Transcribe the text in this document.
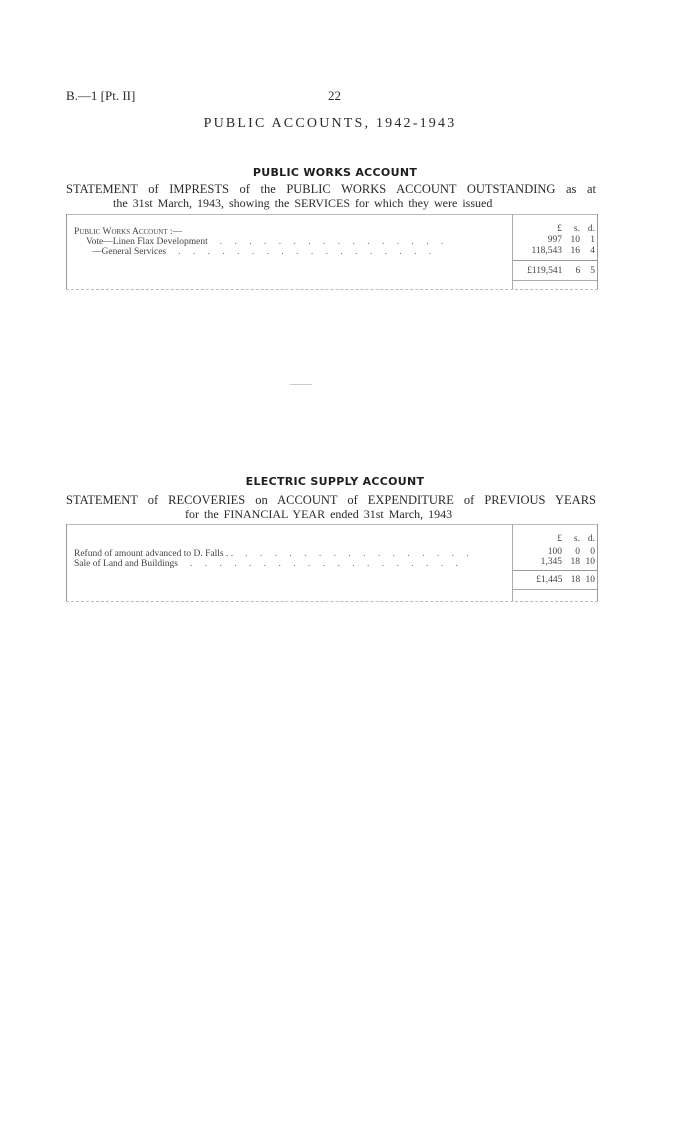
B.—1 [Pt. II]	22
PUBLIC ACCOUNTS, 1942-1943
PUBLIC WORKS ACCOUNT
STATEMENT of IMPRESTS of the PUBLIC WORKS ACCOUNT OUTSTANDING as at
the 31st March, 1943, showing the SERVICES for which they were issued
£	s. d.
Public Works Account :—
Vote—Linen Flax Development	. . . . . . . . . . . . . . . .	997 10	1
—General Services	. . . . . . . . . . . . . . . . . .	118,543 16	4
£119,541	6	5
ELECTRIC SUPPLY ACCOUNT
STATEMENT of RECOVERIES on ACCOUNT of EXPENDITURE of PREVIOUS YEARS
for the FINANCIAL YEAR ended 31st March, 1943
£	s. d.
Refund of amount advanced to D. Falls . .	. . . . . . . . . . . . . . . .	100	0	0
Sale of Land and Buildings	. . . . . . . . . . . . . . . . . . .	1,345 18 10
£1,445 18 10
